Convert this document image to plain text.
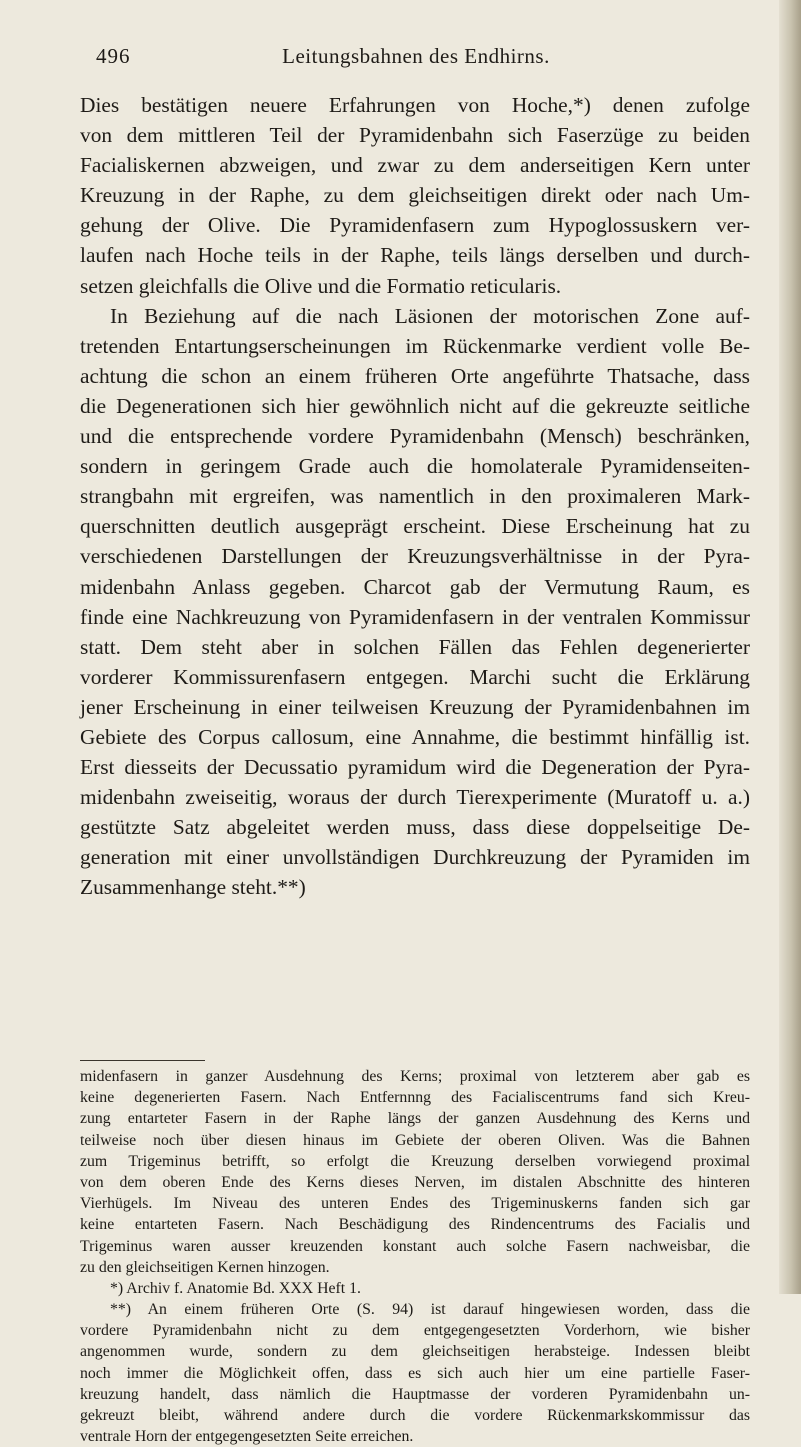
Leitungsbahnen des Endhirns.
496
Dies bestätigen neuere Erfahrungen von Hoche,*) denen zufolge
von dem mittleren Teil der Pyramidenbahn sich Faserzüge zu beiden
Facialiskernen abzweigen, und zwar zu dem anderseitigen Kern unter
Kreuzung in der Raphe, zu dem gleichseitigen direkt oder nach Um-
gehung der Olive. Die Pyramidenfasern zum Hypoglossuskern ver-
laufen nach Hoche teils in der Raphe, teils längs derselben und durch-
setzen gleichfalls die Olive und die Formatio reticularis.
In Beziehung auf die nach Läsionen der motorischen Zone auf-
tretenden Entartungserscheinungen im Rückenmarke verdient volle Be-
achtung die schon an einem früheren Orte angeführte Thatsache, dass
die Degenerationen sich hier gewöhnlich nicht auf die gekreuzte seitliche
und die entsprechende vordere Pyramidenbahn (Mensch) beschränken,
sondern in geringem Grade auch die homolaterale Pyramidenseiten-
strangbahn mit ergreifen, was namentlich in den proximaleren Mark-
querschnitten deutlich ausgeprägt erscheint. Diese Erscheinung hat zu
verschiedenen Darstellungen der Kreuzungsverhältnisse in der Pyra-
midenbahn Anlass gegeben. Charcot gab der Vermutung Raum, es
finde eine Nachkreuzung von Pyramidenfasern in der ventralen Kommissur
statt. Dem steht aber in solchen Fällen das Fehlen degenerierter
vorderer Kommissurenfasern entgegen. Marchi sucht die Erklärung
jener Erscheinung in einer teilweisen Kreuzung der Pyramidenbahnen im
Gebiete des Corpus callosum, eine Annahme, die bestimmt hinfällig ist.
Erst diesseits der Decussatio pyramidum wird die Degeneration der Pyra-
midenbahn zweiseitig, woraus der durch Tierexperimente (Muratoff u. a.)
gestützte Satz abgeleitet werden muss, dass diese doppelseitige De-
generation mit einer unvollständigen Durchkreuzung der Pyramiden im
Zusammenhange steht.**)
midenfasern in ganzer Ausdehnung des Kerns; proximal von letzterem aber gab es
keine degenerierten Fasern. Nach Entfernnng des Facialiscentrums fand sich Kreu-
zung entarteter Fasern in der Raphe längs der ganzen Ausdehnung des Kerns und
teilweise noch über diesen hinaus im Gebiete der oberen Oliven. Was die Bahnen
zum Trigeminus betrifft, so erfolgt die Kreuzung derselben vorwiegend proximal
von dem oberen Ende des Kerns dieses Nerven, im distalen Abschnitte des hinteren
Vierhügels. Im Niveau des unteren Endes des Trigeminuskerns fanden sich gar
keine entarteten Fasern. Nach Beschädigung des Rindencentrums des Facialis und
Trigeminus waren ausser kreuzenden konstant auch solche Fasern nachweisbar, die
zu den gleichseitigen Kernen hinzogen.
*) Archiv f. Anatomie Bd. XXX Heft 1.
**) An einem früheren Orte (S. 94) ist darauf hingewiesen worden, dass die
vordere Pyramidenbahn nicht zu dem entgegengesetzten Vorderhorn, wie bisher
angenommen wurde, sondern zu dem gleichseitigen herabsteige. Indessen bleibt
noch immer die Möglichkeit offen, dass es sich auch hier um eine partielle Faser-
kreuzung handelt, dass nämlich die Hauptmasse der vorderen Pyramidenbahn un-
gekreuzt bleibt, während andere durch die vordere Rückenmarkskommissur das
ventrale Horn der entgegengesetzten Seite erreichen.
